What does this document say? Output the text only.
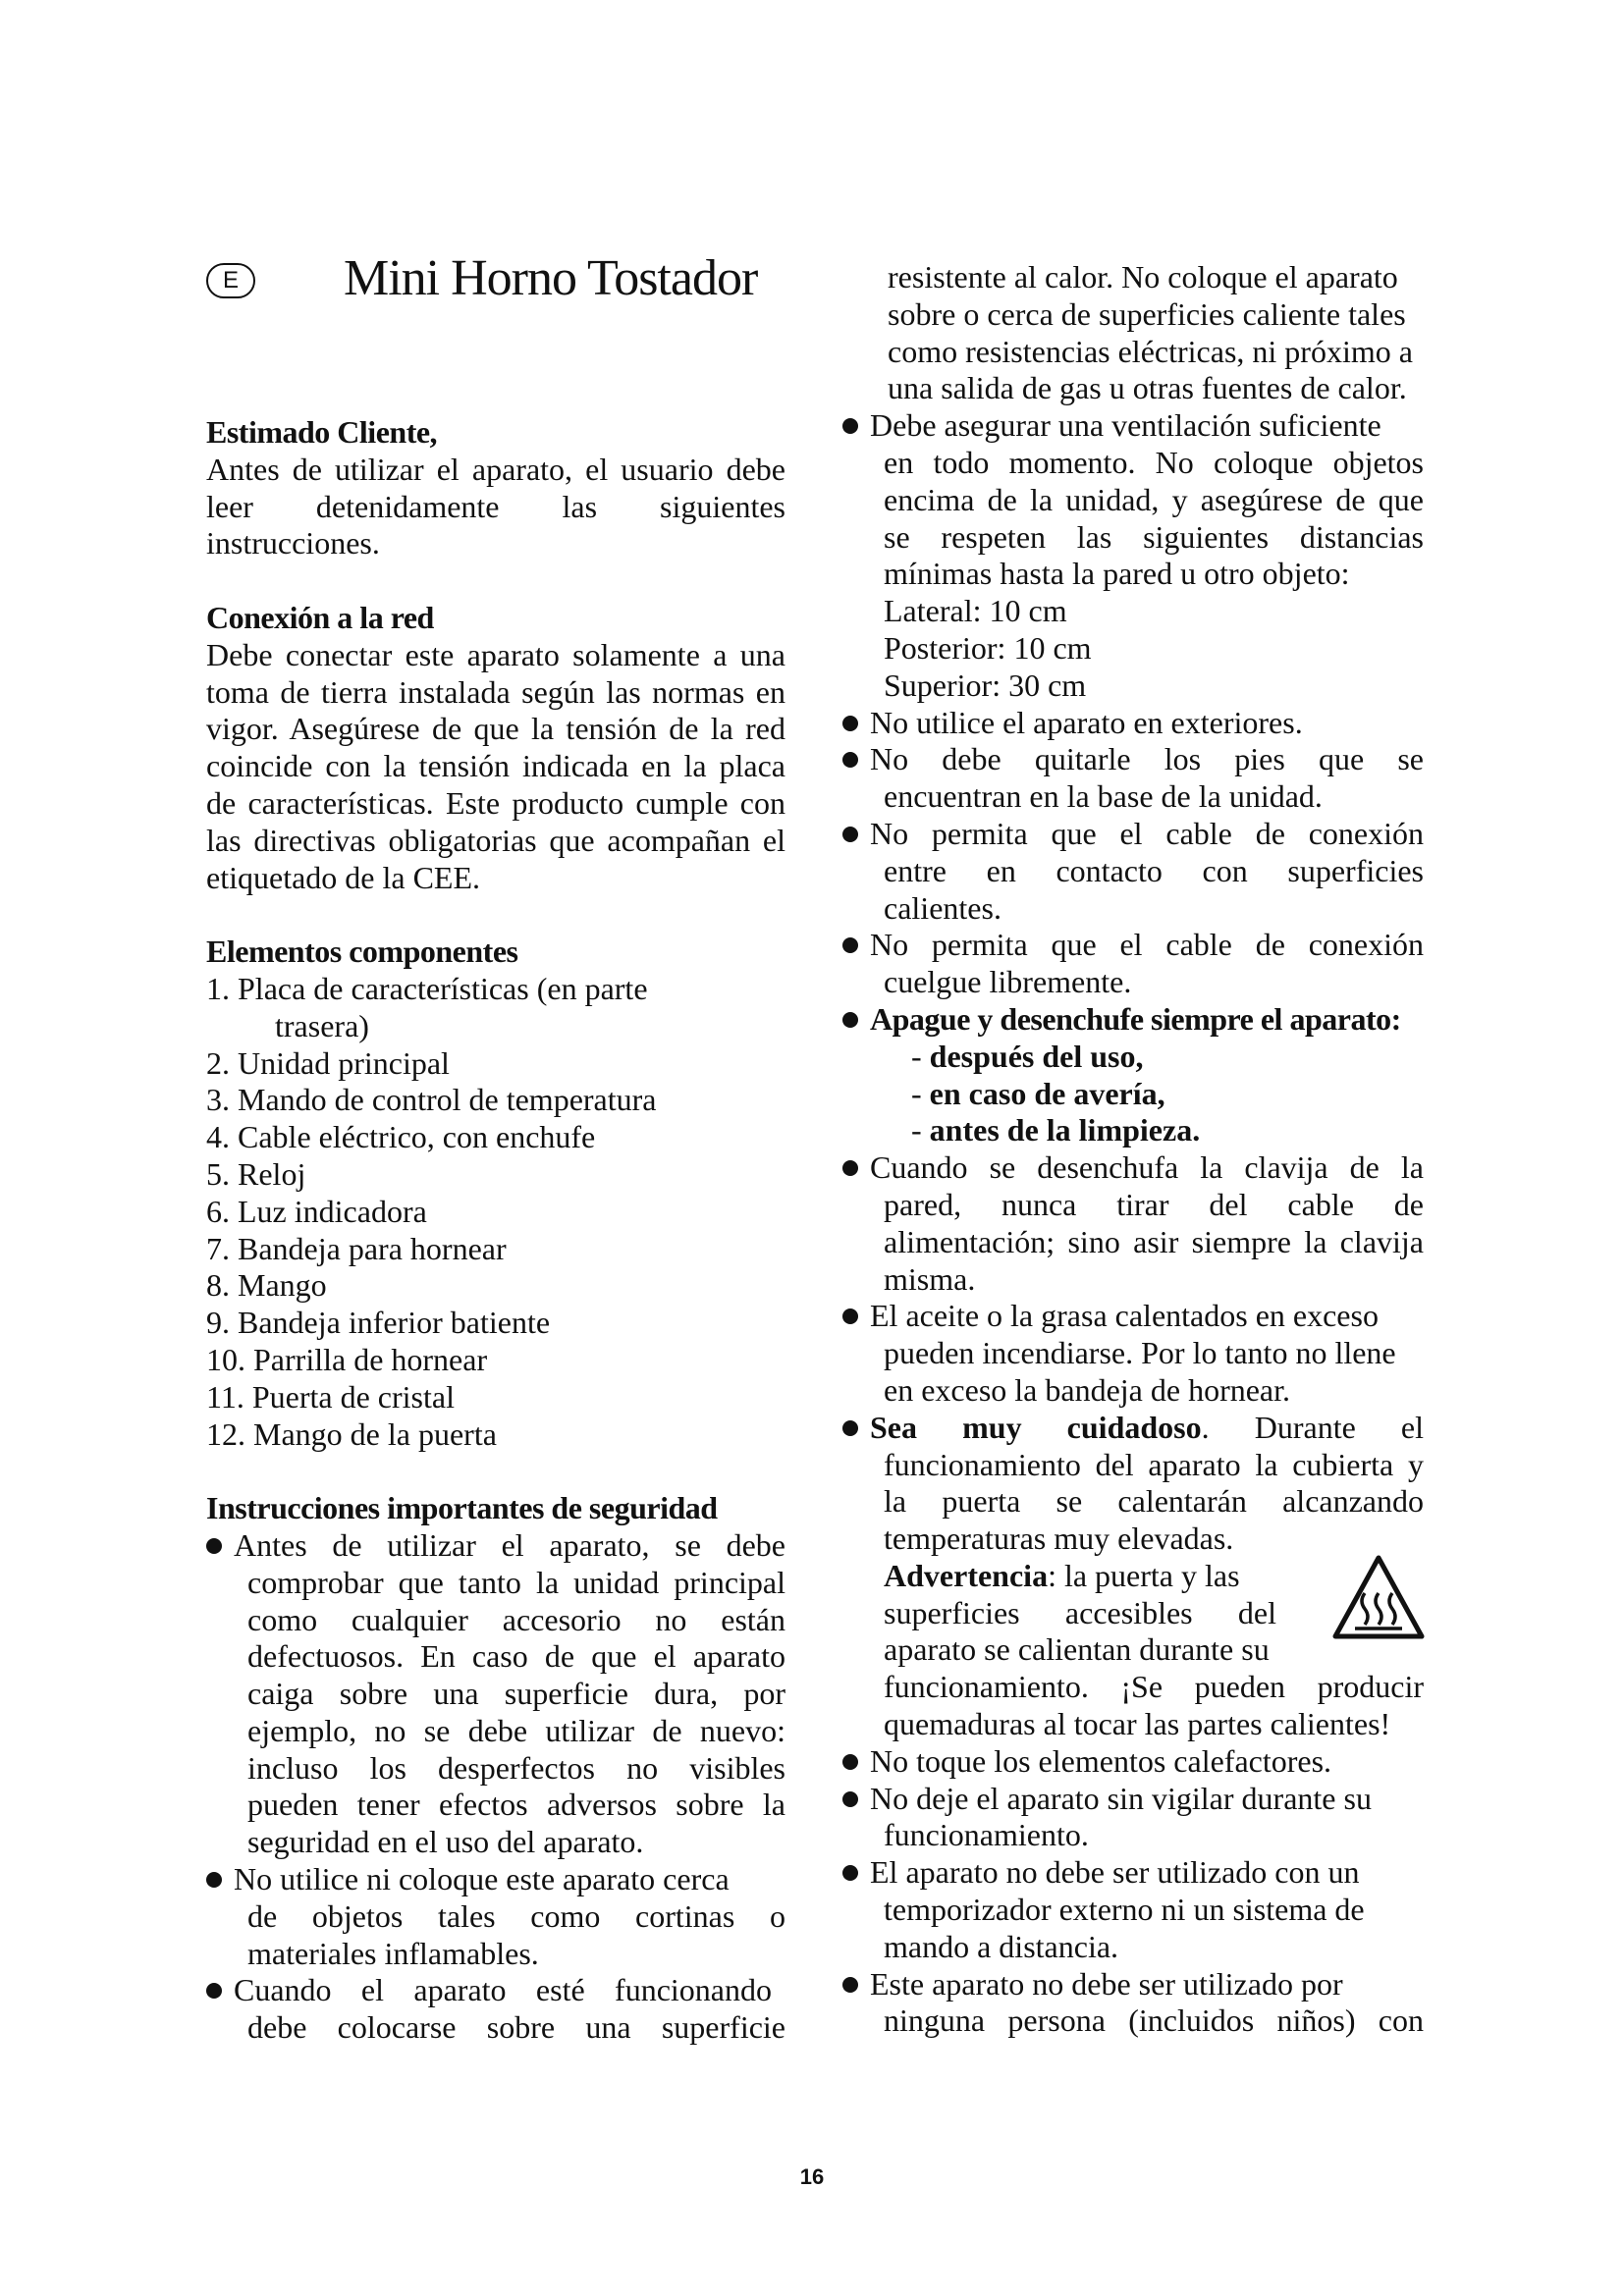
E	Mini Horno Tostador

Estimado Cliente,

Antes de utilizar el aparato, el usuario debe

leer detenidamente las siguientes

instrucciones.

Conexión a la red

Debe conectar este aparato solamente a una

toma de tierra instalada según las normas en

vigor. Asegúrese de que la tensión de la red

coincide con la tensión indicada en la placa

de características. Este producto cumple con

las directivas obligatorias que acompañan el

etiquetado de la CEE.

Elementos componentes

1. Placa de características (en parte

trasera)

2. Unidad principal

3. Mando de control de temperatura

4. Cable eléctrico, con enchufe

5. Reloj

6. Luz indicadora

7. Bandeja para hornear

8. Mango

9. Bandeja inferior batiente

10. Parrilla de hornear

11. Puerta de cristal

12. Mango de la puerta

Instrucciones importantes de seguridad

Antes de utilizar el aparato, se debe

comprobar que tanto la unidad principal

como cualquier accesorio no están

defectuosos. En caso de que el aparato

caiga sobre una superficie dura, por

ejemplo, no se debe utilizar de nuevo:

incluso los desperfectos no visibles

pueden tener efectos adversos sobre la

seguridad en el uso del aparato.

No utilice ni coloque este aparato cerca

de objetos tales como cortinas o

materiales inflamables.

Cuando el aparato esté funcionando

debe colocarse sobre una superficie

resistente al calor. No coloque el aparato

sobre o cerca de superficies caliente tales

como resistencias eléctricas, ni próximo a

una salida de gas u otras fuentes de calor.

Debe asegurar una ventilación suficiente

en todo momento. No coloque objetos

encima de la unidad, y asegúrese de que

se respeten las siguientes distancias

mínimas hasta la pared u otro objeto:

Lateral: 10 cm

Posterior: 10 cm

Superior: 30 cm

No utilice el aparato en exteriores.

No debe quitarle los pies que se

encuentran en la base de la unidad.

No permita que el cable de conexión

entre en contacto con superficies

calientes.

No permita que el cable de conexión

cuelgue libremente.

Apague y desenchufe siempre el aparato:

- después del uso,

- en caso de avería,

- antes de la limpieza.

Cuando se desenchufa la clavija de la

pared, nunca tirar del cable de

alimentación; sino asir siempre la clavija

misma.

El aceite o la grasa calentados en exceso

pueden incendiarse. Por lo tanto no llene

en exceso la bandeja de hornear.

Sea muy cuidadoso. Durante el

funcionamiento del aparato la cubierta y

la puerta se calentarán alcanzando

temperaturas muy elevadas.

Advertencia: la puerta y las

superficies accesibles del

aparato se calientan durante su

funcionamiento. ¡Se pueden producir

quemaduras al tocar las partes calientes!

No toque los elementos calefactores.

No deje el aparato sin vigilar durante su

funcionamiento.

El aparato no debe ser utilizado con un

temporizador externo ni un sistema de

mando a distancia.

Este aparato no debe ser utilizado por

ninguna persona (incluidos niños) con

16
